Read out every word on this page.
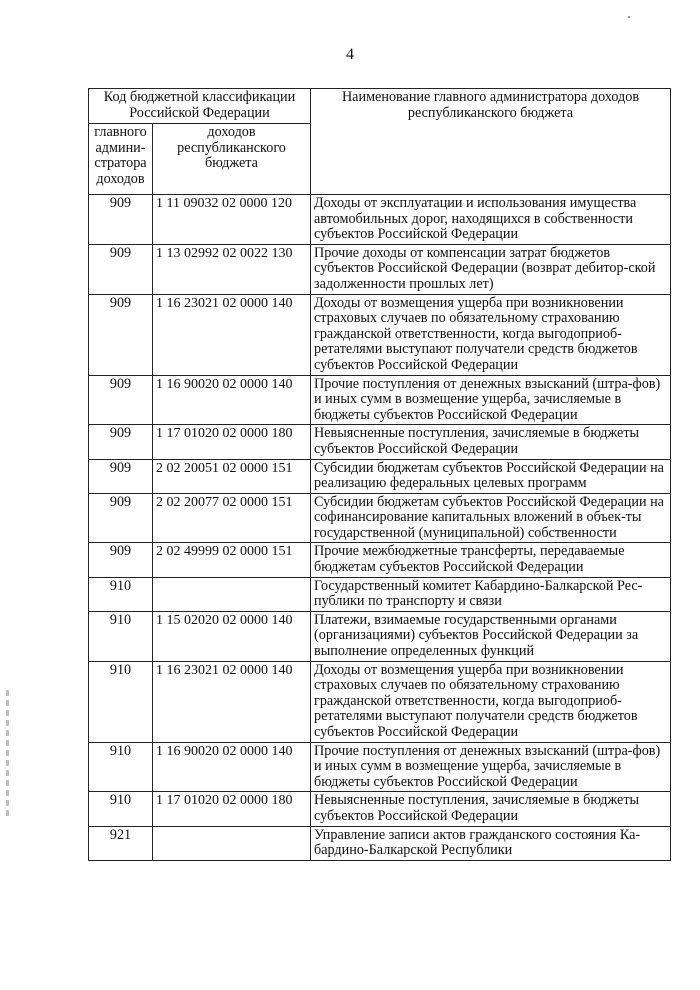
4
Код бюджетной классификации Российской Федерации		Наименование главного администратора доходов республиканского бюджета
главного админи-стратора доходов	доходов республиканского бюджета	
909	1 11 09032 02 0000 120	Доходы от эксплуатации и использования имущества автомобильных дорог, находящихся в собственности субъектов Российской Федерации
909	1 13 02992 02 0022 130	Прочие доходы от компенсации затрат бюджетов субъектов Российской Федерации (возврат дебитор-ской задолженности прошлых лет)
909	1 16 23021 02 0000 140	Доходы от возмещения ущерба при возникновении страховых случаев по обязательному страхованию гражданской ответственности, когда выгодоприоб-ретателями выступают получатели средств бюджетов субъектов Российской Федерации
909	1 16 90020 02 0000 140	Прочие поступления от денежных взысканий (штра-фов) и иных сумм в возмещение ущерба, зачисляемые в бюджеты субъектов Российской Федерации
909	1 17 01020 02 0000 180	Невыясненные поступления, зачисляемые в бюджеты субъектов Российской Федерации
909	2 02 20051 02 0000 151	Субсидии бюджетам субъектов Российской Федерации на реализацию федеральных целевых программ
909	2 02 20077 02 0000 151	Субсидии бюджетам субъектов Российской Федерации на софинансирование капитальных вложений в объек-ты государственной (муниципальной) собственности
909	2 02 49999 02 0000 151	Прочие межбюджетные трансферты, передаваемые бюджетам субъектов Российской Федерации
910		Государственный комитет Кабардино-Балкарской Рес-публики по транспорту и связи
910	1 15 02020 02 0000 140	Платежи, взимаемые государственными органами (организациями) субъектов Российской Федерации за выполнение определенных функций
910	1 16 23021 02 0000 140	Доходы от возмещения ущерба при возникновении страховых случаев по обязательному страхованию гражданской ответственности, когда выгодоприоб-ретателями выступают получатели средств бюджетов субъектов Российской Федерации
910	1 16 90020 02 0000 140	Прочие поступления от денежных взысканий (штра-фов) и иных сумм в возмещение ущерба, зачисляемые в бюджеты субъектов Российской Федерации
910	1 17 01020 02 0000 180	Невыясненные поступления, зачисляемые в бюджеты субъектов Российской Федерации
921		Управление записи актов гражданского состояния Ка-бардино-Балкарской Республики
